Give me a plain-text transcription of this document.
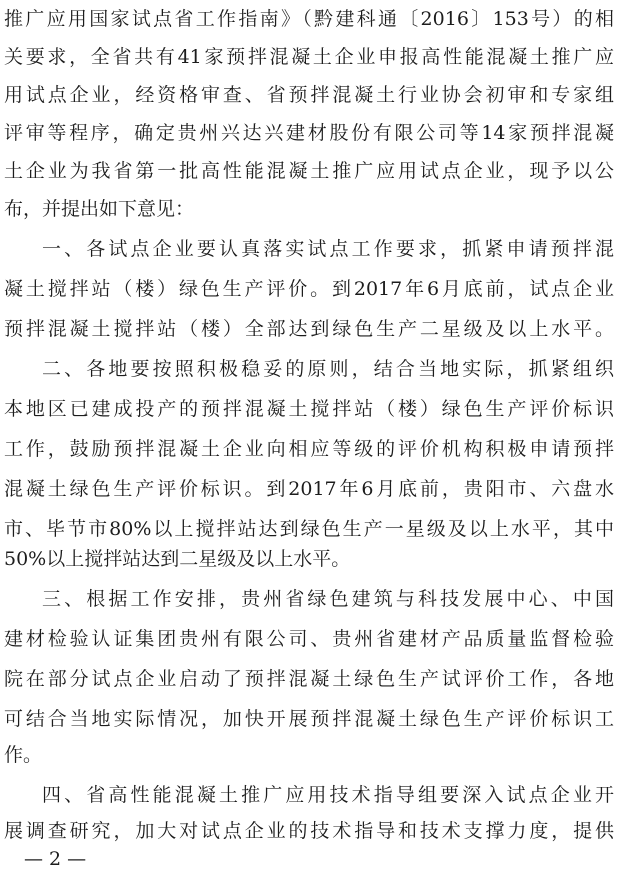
推广应用国家试点省工作指南》（黔建科通〔2016〕153号）的相
关要求，全省共有41家预拌混凝土企业申报高性能混凝土推广应
用试点企业，经资格审查、省预拌混凝土行业协会初审和专家组
评审等程序，确定贵州兴达兴建材股份有限公司等14家预拌混凝
土企业为我省第一批高性能混凝土推广应用试点企业，现予以公
布，并提出如下意见：
一、各试点企业要认真落实试点工作要求，抓紧申请预拌混
凝土搅拌站（楼）绿色生产评价。到2017年6月底前，试点企业
预拌混凝土搅拌站（楼）全部达到绿色生产二星级及以上水平。
二、各地要按照积极稳妥的原则，结合当地实际，抓紧组织
本地区已建成投产的预拌混凝土搅拌站（楼）绿色生产评价标识
工作，鼓励预拌混凝土企业向相应等级的评价机构积极申请预拌
混凝土绿色生产评价标识。到2017年6月底前，贵阳市、六盘水
市、毕节市80%以上搅拌站达到绿色生产一星级及以上水平，其中
50%以上搅拌站达到二星级及以上水平。
三、根据工作安排，贵州省绿色建筑与科技发展中心、中国
建材检验认证集团贵州有限公司、贵州省建材产品质量监督检验
院在部分试点企业启动了预拌混凝土绿色生产试评价工作，各地
可结合当地实际情况，加快开展预拌混凝土绿色生产评价标识工
作。
四、省高性能混凝土推广应用技术指导组要深入试点企业开
展调查研究，加大对试点企业的技术指导和技术支撑力度，提供
— 2 —
